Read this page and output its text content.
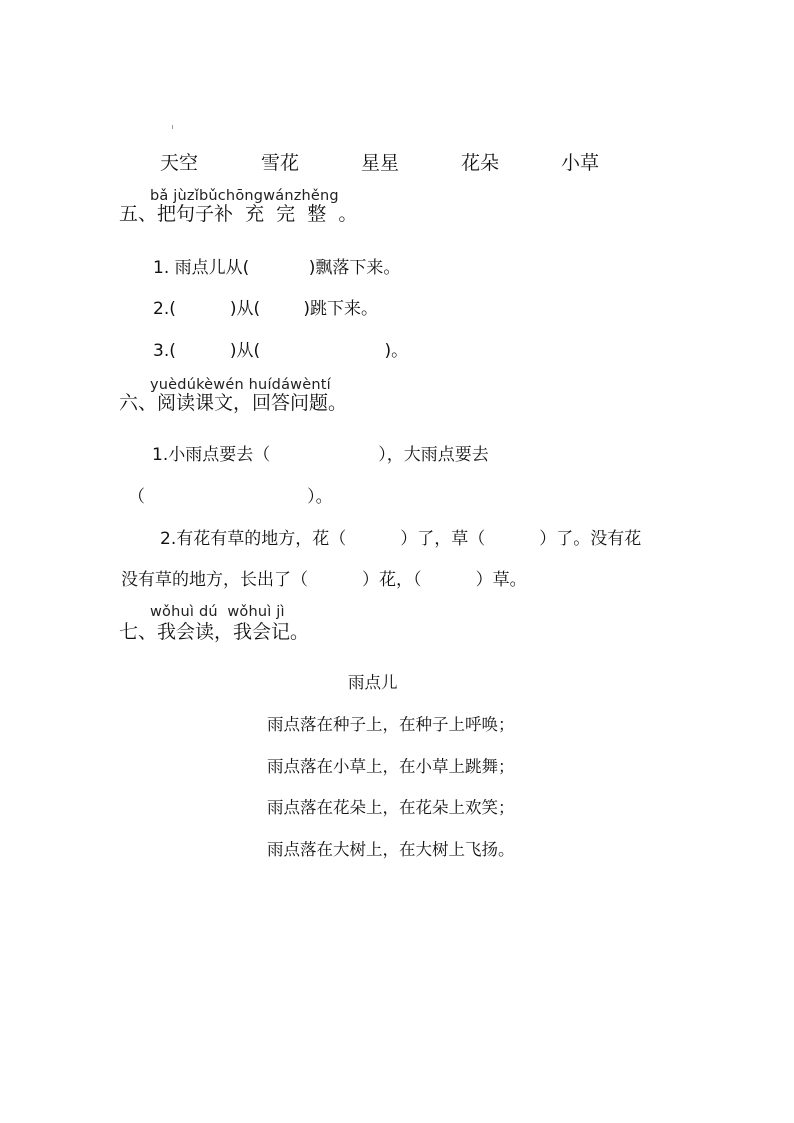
天空	雪花	星星	花朵	小草
bǎ jùzǐbǔchōngwánzhěng
五、把句子补  充  完  整  。
1. 雨点儿从(           )飘落下来。
2.(          )从(        )跳下来。
3.(          )从(                       )。
yuèdúkèwén huídáwèntí
六、阅读课文，回答问题。
1.小雨点要去（                    ），大雨点要去
（                              ）。
2.有花有草的地方，花（          ）了，草（          ）了。没有花
没有草的地方，长出了（          ）花，（          ）草。
wǒhuì dú  wǒhuì jì
七、我会读，我会记。
雨点儿
雨点落在种子上，在种子上呼唤；
雨点落在小草上，在小草上跳舞；
雨点落在花朵上，在花朵上欢笑；
雨点落在大树上，在大树上飞扬。
